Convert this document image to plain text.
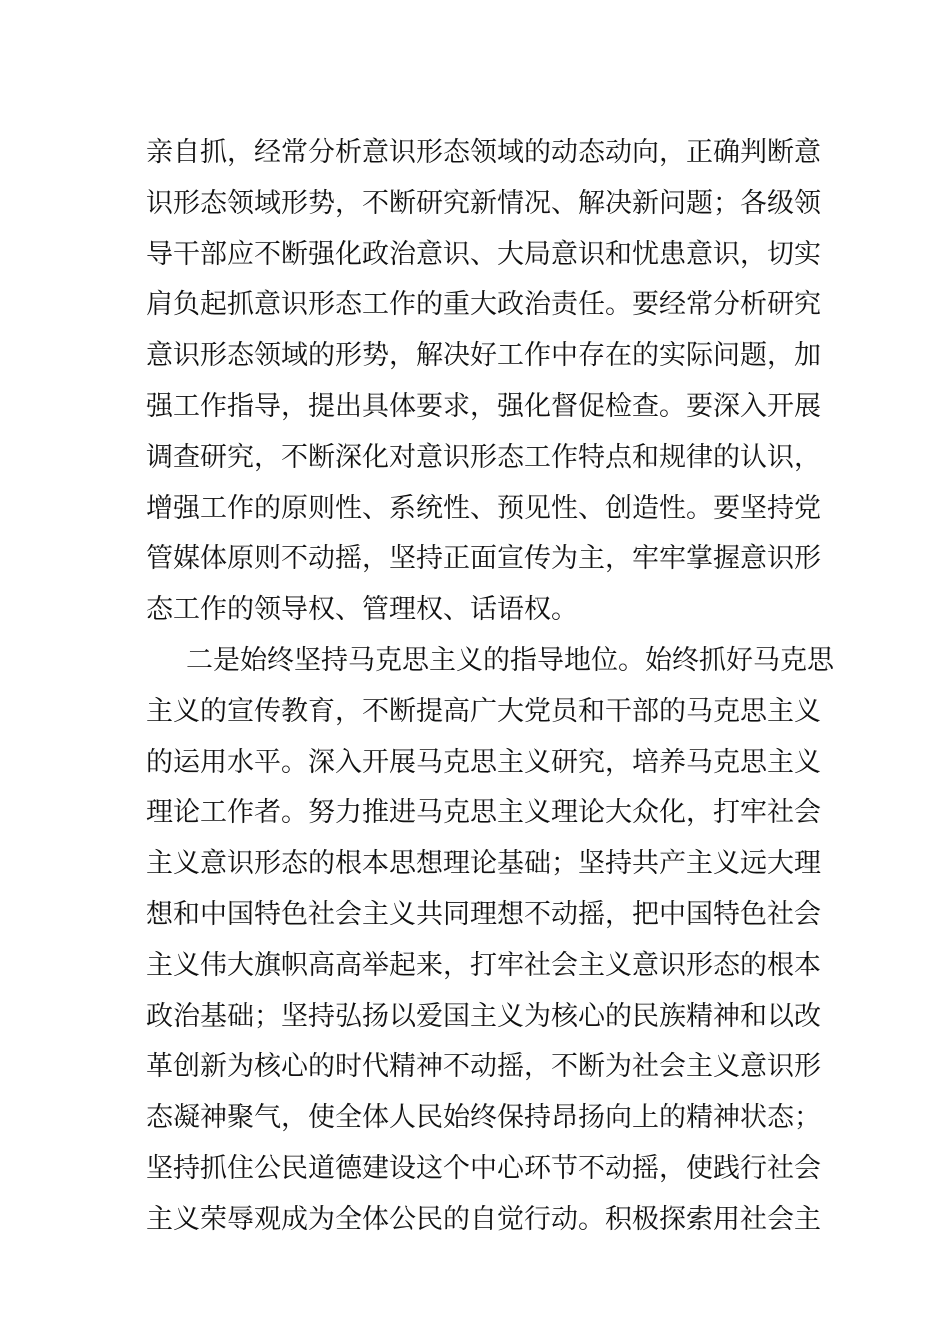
亲自抓，经常分析意识形态领域的动态动向，正确判断意
识形态领域形势，不断研究新情况、解决新问题；各级领
导干部应不断强化政治意识、大局意识和忧患意识，切实
肩负起抓意识形态工作的重大政治责任。要经常分析研究
意识形态领域的形势，解决好工作中存在的实际问题，加
强工作指导，提出具体要求，强化督促检查。要深入开展
调查研究，不断深化对意识形态工作特点和规律的认识，
增强工作的原则性、系统性、预见性、创造性。要坚持党
管媒体原则不动摇，坚持正面宣传为主，牢牢掌握意识形
态工作的领导权、管理权、话语权。
二是始终坚持马克思主义的指导地位。始终抓好马克思
主义的宣传教育，不断提高广大党员和干部的马克思主义
的运用水平。深入开展马克思主义研究，培养马克思主义
理论工作者。努力推进马克思主义理论大众化，打牢社会
主义意识形态的根本思想理论基础；坚持共产主义远大理
想和中国特色社会主义共同理想不动摇，把中国特色社会
主义伟大旗帜高高举起来，打牢社会主义意识形态的根本
政治基础；坚持弘扬以爱国主义为核心的民族精神和以改
革创新为核心的时代精神不动摇，不断为社会主义意识形
态凝神聚气，使全体人民始终保持昂扬向上的精神状态；
坚持抓住公民道德建设这个中心环节不动摇，使践行社会
主义荣辱观成为全体公民的自觉行动。积极探索用社会主
